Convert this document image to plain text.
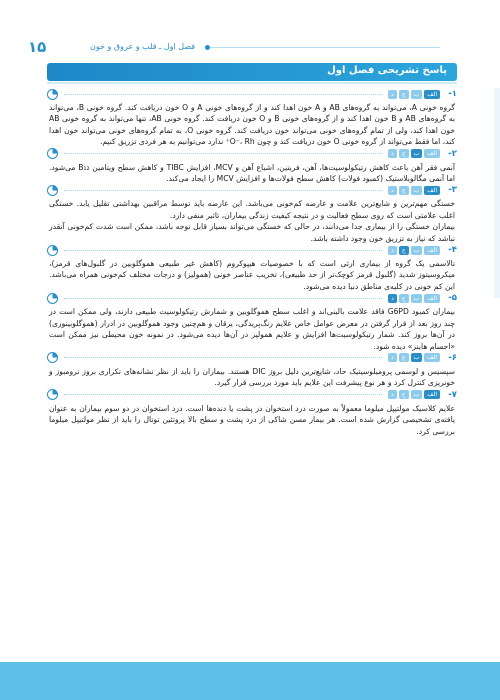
۱۵	فصل اول ـ قلب و عروق و خون
پاسخ تشریحی فصل اول
۱-
الف
ب
ج
د

گروه خونی A، می‌تواند به گروه‌های AB و A خون اهدا کند و از گروه‌های خونی A و O خون دریافت کند. گروه خونی B، می‌تواند به گروه‌های AB و B خون اهدا کند و از گروه‌های خونی B و O خون دریافت کند. گروه خونی AB، تنها می‌تواند به گروه خونی AB خون اهدا کند، ولی از تمام گروه‌های خونی می‌تواند خون دریافت کند. گروه خونی O، به تمام گروه‌های خونی می‌تواند خون اهدا کند، اما فقط می‌تواند از گروه خونی O خون دریافت کند و چون O⁻، Rh⁺ ندارد می‌توانیم به هر فردی تزریق کنیم.

۲-
الف
ب
ج
د

آنمی فقر آهن باعث کاهش رتیکولوسیت‌ها، آهن، فریتین، اشباع آهن و MCV، افزایش TIBC و کاهش سطح ویتامین B₁₂ می‌شود. اما آنمی مگالوبلاستیک (کمبود فولات) کاهش سطح فولات‌ها و افزایش MCV را ایجاد می‌کند.

۳-
الف
ب
ج
د

خستگی مهم‌ترین و شایع‌ترین علامت و عارضه کم‌خونی می‌باشد. این عارضه باید توسط مراقبین بهداشتی تقلیل یابد. خستگی اغلب علامتی است که روی سطح فعالیت و در نتیجه کیفیت زندگی بیماران، تاثیر منفی دارد.

بیماران خستگی را از بیماری جدا می‌دانند، در حالی که خستگی می‌تواند بسیار قابل توجه باشد، ممکن است شدت کم‌خونی آنقدر نباشد که نیاز به تزریق خون وجود داشته باشد.

۴-
الف
ب
ج
د

تالاسمی یک گروه از بیماری ارثی است که با خصوصیات هیپوکروم (کاهش غیر طبیعی هموگلوبین در گلبول‌های قرمز)، میکروسیتوز شدید (گلبول قرمز کوچک‌تر از حد طبیعی)، تخریب عناصر خونی (همولیز) و درجات مختلف کم‌خونی همراه می‌باشد. این کم خونی در کلیه‌ی مناطق دنیا دیده می‌شود.

۵-
الف
ب
ج
د

بیماران کمبود G6PD فاقد علامت بالینی‌اند و اغلب سطح هموگلوبین و شمارش رتیکولوسیت طبیعی دارند، ولی ممکن است در چند روز بعد از قرار گرفتن در معرض عوامل خاص علایم رنگ‌پریدگی، یرقان و هم‌چنین وجود هموگلوبین در ادرار (هموگلوبینوری) در آن‌ها بروز کند. شمار رتیکولوسیت‌ها افزایش و علایم همولیز در آن‌ها دیده می‌شود. در نمونه خون محیطی نیز ممکن است «اجسام هاینز» دیده شود.

۶-
الف
ب
ج
د

سپسیس و لوسمی پرومیلوسیتیک حاد، شایع‌ترین دلیل بروز DIC هستند. بیماران را باید از نظر نشانه‌های تکراری بروز ترومبوز و خونریزی کنترل کرد و هر نوع پیشرفت این علایم باید مورد بررسی قرار گیرد.

۷-
الف
ب
ج
د

علایم کلاسیک مولتیپل میلوما معمولاً به صورت درد استخوان در پشت یا دنده‌ها است. درد استخوان در دو سوم بیماران به عنوان یافته‌ی تشخیصی گزارش شده است. هر بیمار مسن شاکی از درد پشت و سطح بالا پروتئین توتال را باید از نظر مولتیپل میلوما بررسی کرد.
